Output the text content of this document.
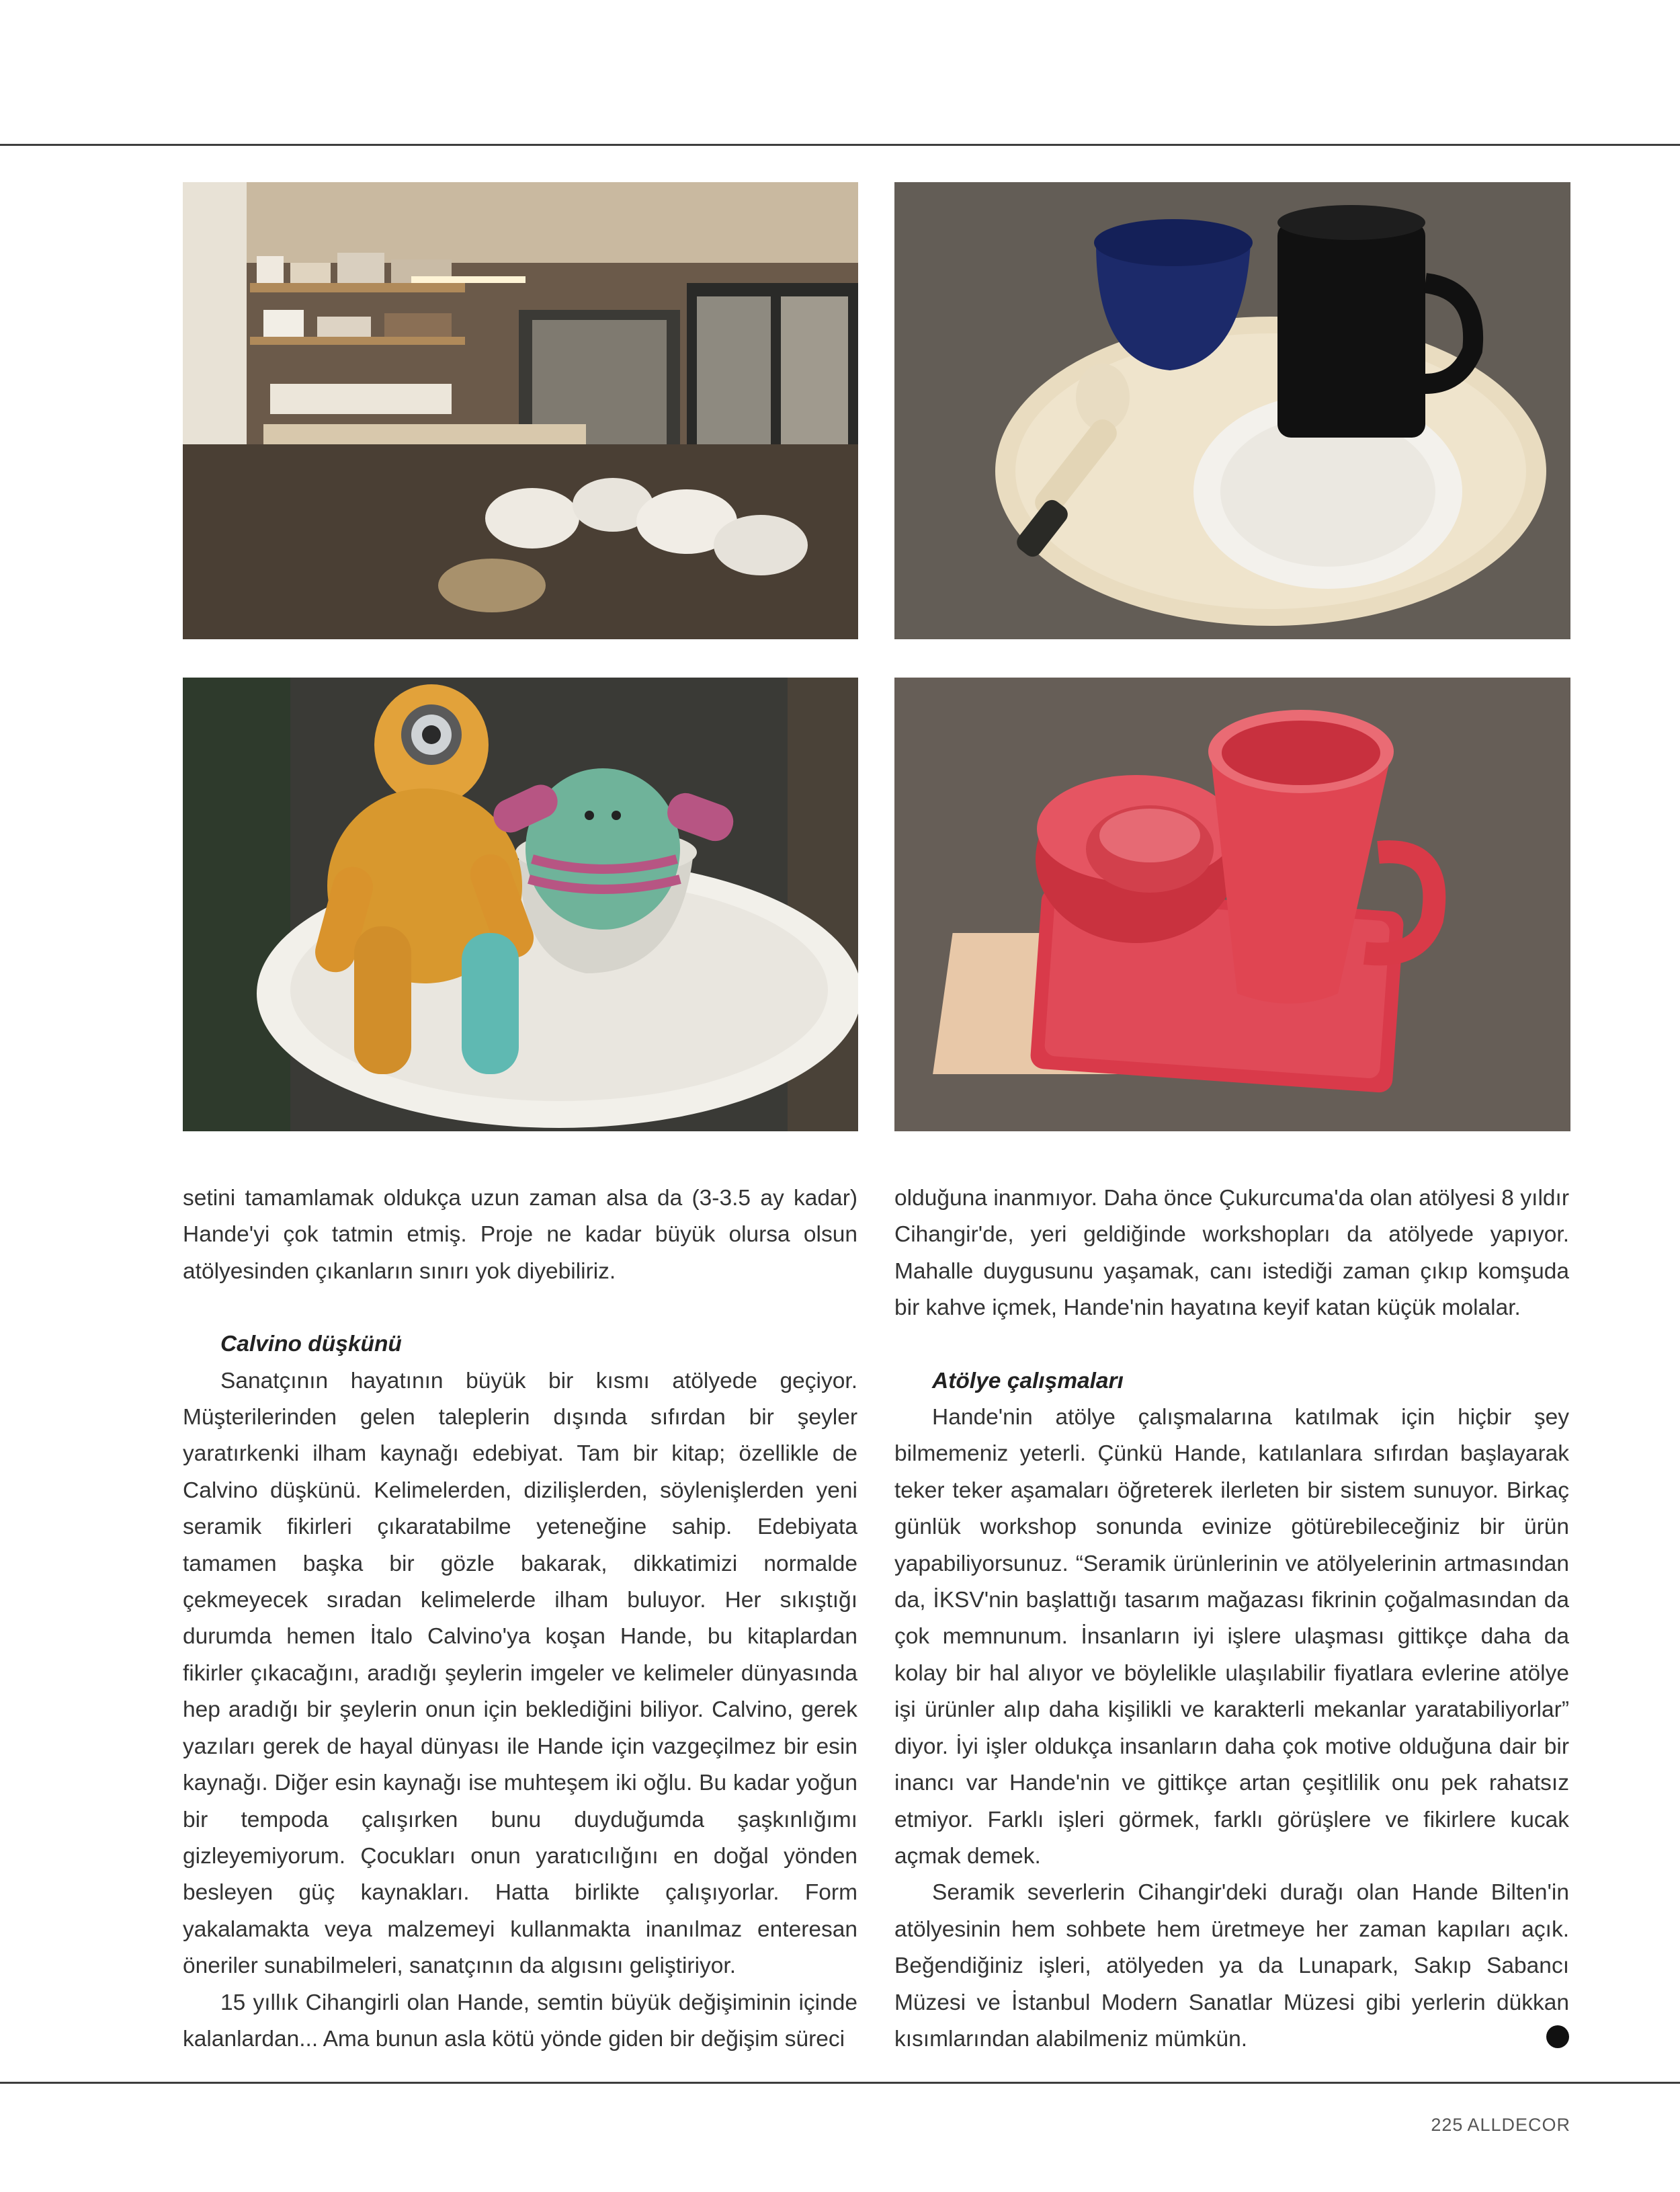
setini tamamlamak oldukça uzun zaman alsa da (3-3.5 ay kadar) Hande'yi çok tatmin etmiş. Proje ne kadar büyük olursa olsun atölyesinden çıkanların sınırı yok diyebiliriz.

Calvino düşkünü

Sanatçının hayatının büyük bir kısmı atölyede geçiyor. Müşterilerinden gelen taleplerin dışında sıfırdan bir şeyler yaratırkenki ilham kaynağı edebiyat. Tam bir kitap; özellikle de Calvino düşkünü. Kelimelerden, dizilişlerden, söylenişlerden yeni seramik fikirleri çıkaratabilme yeteneğine sahip. Edebiyata tamamen başka bir gözle bakarak, dikkatimizi normalde çekmeyecek sıradan kelimelerde ilham buluyor. Her sıkıştığı durumda hemen İtalo Calvino'ya koşan Hande, bu kitaplardan fikirler çıkacağını, aradığı şeylerin imgeler ve kelimeler dünyasında hep aradığı bir şeylerin onun için beklediğini biliyor. Calvino, gerek yazıları gerek de hayal dünyası ile Hande için vazgeçilmez bir esin kaynağı. Diğer esin kaynağı ise muhteşem iki oğlu. Bu kadar yoğun bir tempoda çalışırken bunu duyduğumda şaşkınlığımı gizleyemiyorum. Çocukları onun yaratıcılığını en doğal yönden besleyen güç kaynakları. Hatta birlikte çalışıyorlar. Form yakalamakta veya malzemeyi kullanmakta inanılmaz enteresan öneriler sunabilmeleri, sanatçının da algısını geliştiriyor.

15 yıllık Cihangirli olan Hande, semtin büyük değişiminin içinde kalanlardan... Ama bunun asla kötü yönde giden bir değişim süreci

olduğuna inanmıyor. Daha önce Çukurcuma'da olan atölyesi 8 yıldır Cihangir'de, yeri geldiğinde workshopları da atölyede yapıyor. Mahalle duygusunu yaşamak, canı istediği zaman çıkıp komşuda bir kahve içmek, Hande'nin hayatına keyif katan küçük molalar.

Atölye çalışmaları

Hande'nin atölye çalışmalarına katılmak için hiçbir şey bilmemeniz yeterli. Çünkü Hande, katılanlara sıfırdan başlayarak teker teker aşamaları öğreterek ilerleten bir sistem sunuyor. Birkaç günlük workshop sonunda evinize götürebileceğiniz bir ürün yapabiliyorsunuz. “Seramik ürünlerinin ve atölyelerinin artmasından da, İKSV'nin başlattığı tasarım mağazası fikrinin çoğalmasından da çok memnunum. İnsanların iyi işlere ulaşması gittikçe daha da kolay bir hal alıyor ve böylelikle ulaşılabilir fiyatlara evlerine atölye işi ürünler alıp daha kişilikli ve karakterli mekanlar yaratabiliyorlar” diyor. İyi işler oldukça insanların daha çok motive olduğuna dair bir inancı var Hande'nin ve gittikçe artan çeşitlilik onu pek rahatsız etmiyor. Farklı işleri görmek, farklı görüşlere ve fikirlere kucak açmak demek.

Seramik severlerin Cihangir'deki durağı olan Hande Bilten'in atölyesinin hem sohbete hem üretmeye her zaman kapıları açık. Beğendiğiniz işleri, atölyeden ya da Lunapark, Sakıp Sabancı Müzesi ve İstanbul Modern Sanatlar Müzesi gibi yerlerin dükkan kısımlarından alabilmeniz mümkün.	AD

225 ALLDECOR
